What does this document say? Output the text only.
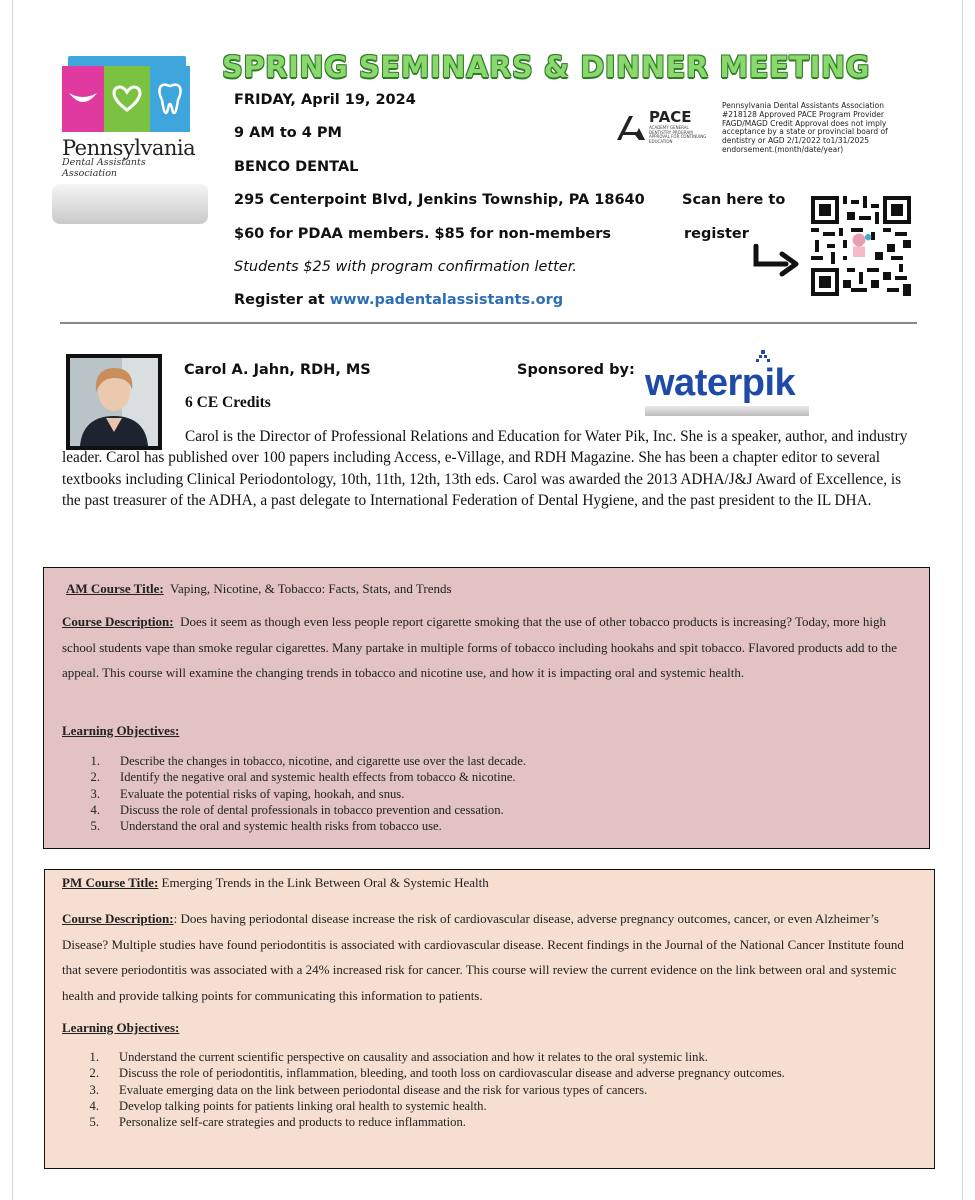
Pennsylvania
Dental Assistants Association
SPRING SEMINARS & DINNER MEETING
FRIDAY, April 19, 2024
9 AM to 4 PM
BENCO DENTAL
295 Centerpoint Blvd, Jenkins Township, PA 18640
$60 for PDAA members. $85 for non-members
Students $25 with program confirmation letter.
Register at www.padentalassistants.org
PACE
ACADEMY GENERAL DENTISTRY PROGRAM APPROVAL FOR CONTINUING EDUCATION
Pennsylvania Dental Assistants Association #218128 Approved PACE Program Provider FAGD/MAGD Credit Approval does not imply acceptance by a state or provincial board of dentistry or AGD 2/1/2022 to1/31/2025 endorsement.(month/date/year)
Scan here to
register
Carol A. Jahn, RDH, MS
6 CE Credits
Sponsored by: waterpik
Carol is the Director of Professional Relations and Education for Water Pik, Inc. She is a speaker, author, and industry leader. Carol has published over 100 papers including Access, e-Village, and RDH Magazine. She has been a chapter editor to several textbooks including Clinical Periodontology, 10th, 11th, 12th, 13th eds. Carol was awarded the 2013 ADHA/J&J Award of Excellence, is the past treasurer of the ADHA, a past delegate to International Federation of Dental Hygiene, and the past president to the IL DHA.
AM Course Title: Vaping, Nicotine, & Tobacco: Facts, Stats, and Trends
Course Description: Does it seem as though even less people report cigarette smoking that the use of other tobacco products is increasing? Today, more high school students vape than smoke regular cigarettes. Many partake in multiple forms of tobacco including hookahs and spit tobacco. Flavored products add to the appeal. This course will examine the changing trends in tobacco and nicotine use, and how it is impacting oral and systemic health.
Learning Objectives:
1.	Describe the changes in tobacco, nicotine, and cigarette use over the last decade.
2.	Identify the negative oral and systemic health effects from tobacco & nicotine.
3.	Evaluate the potential risks of vaping, hookah, and snus.
4.	Discuss the role of dental professionals in tobacco prevention and cessation.
5.	Understand the oral and systemic health risks from tobacco use.
PM Course Title: Emerging Trends in the Link Between Oral & Systemic Health
Course Description:: Does having periodontal disease increase the risk of cardiovascular disease, adverse pregnancy outcomes, cancer, or even Alzheimer’s Disease? Multiple studies have found periodontitis is associated with cardiovascular disease. Recent findings in the Journal of the National Cancer Institute found that severe periodontitis was associated with a 24% increased risk for cancer. This course will review the current evidence on the link between oral and systemic health and provide talking points for communicating this information to patients.
Learning Objectives:
1.	Understand the current scientific perspective on causality and association and how it relates to the oral systemic link.
2.	Discuss the role of periodontitis, inflammation, bleeding, and tooth loss on cardiovascular disease and adverse pregnancy outcomes.
3.	Evaluate emerging data on the link between periodontal disease and the risk for various types of cancers.
4.	Develop talking points for patients linking oral health to systemic health.
5.	Personalize self-care strategies and products to reduce inflammation.
